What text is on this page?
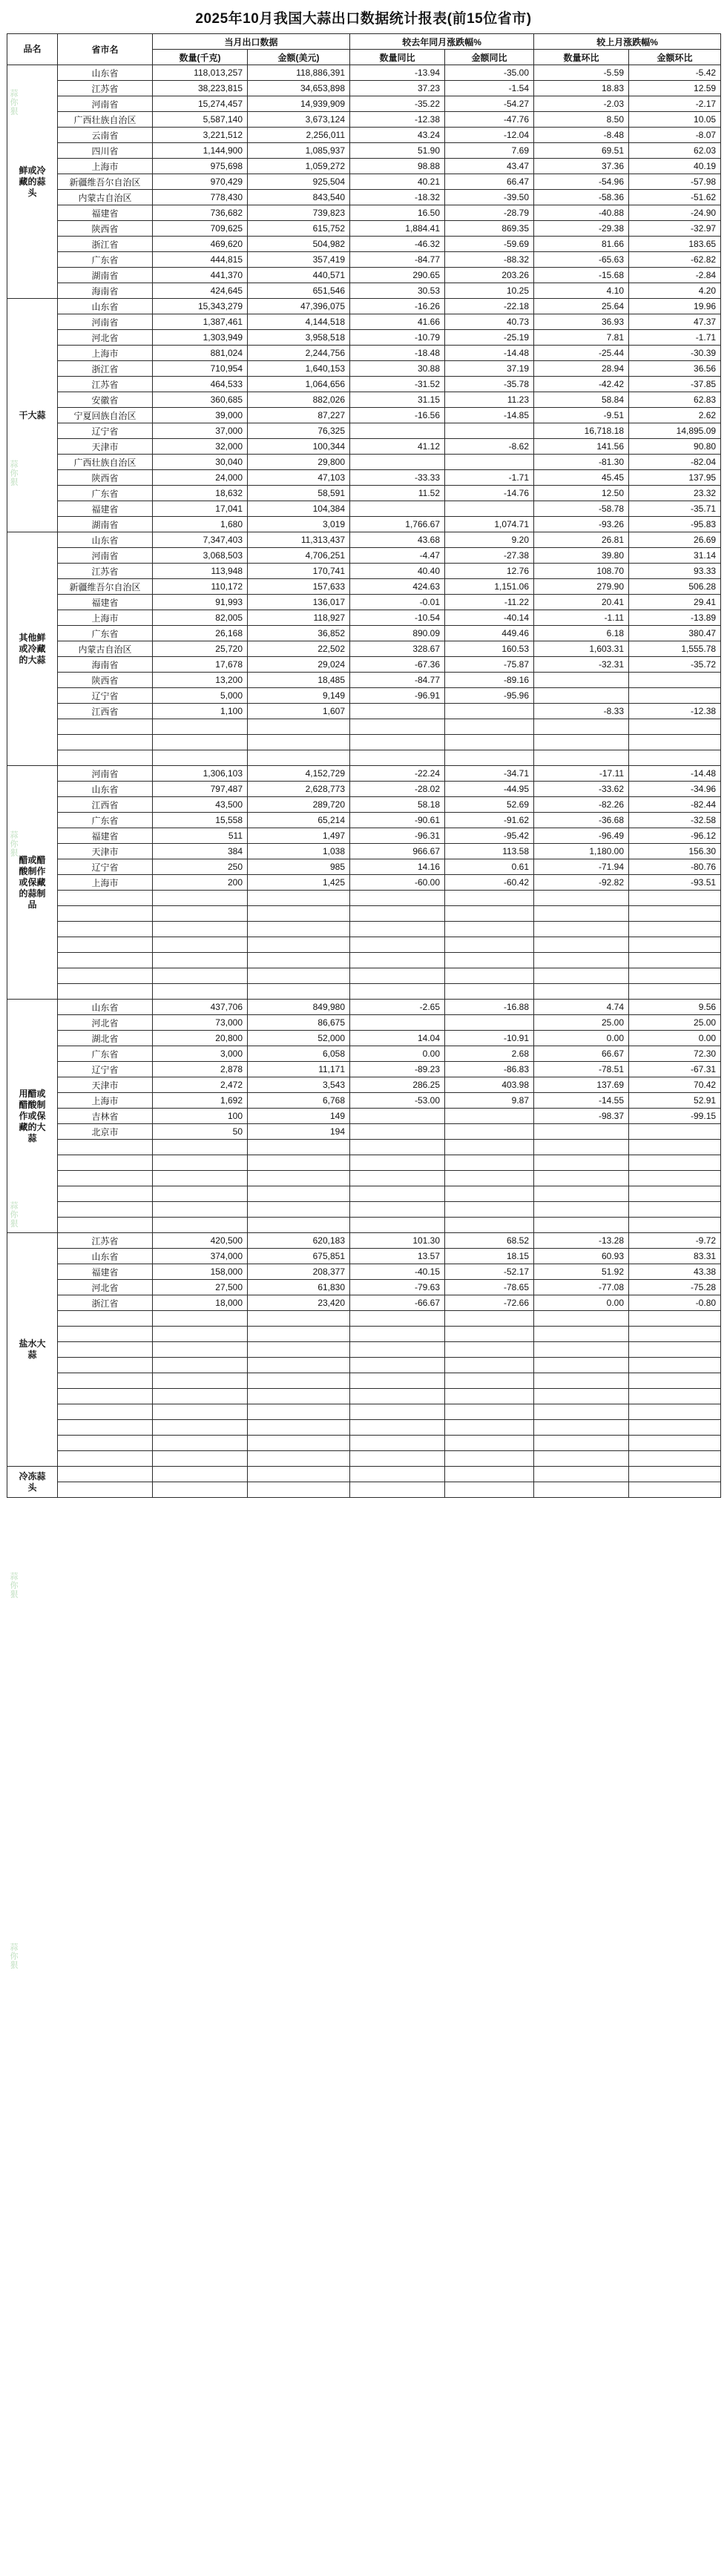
2025年10月我国大蒜出口数据统计报表(前15位省市)
品名	省市名	当月出口数据		较去年同月涨跌幅%		较上月涨跌幅%	
		数量(千克)	金额(美元)	数量同比	金额同比	数量环比	金额环比

鲜或冷
藏的蒜
头	山东省	118,013,257	118,886,391	-13.94	-35.00	-5.59	-5.42
	江苏省	38,223,815	34,653,898	37.23	-1.54	18.83	12.59
	河南省	15,274,457	14,939,909	-35.22	-54.27	-2.03	-2.17
	广西壮族自治区	5,587,140	3,673,124	-12.38	-47.76	8.50	10.05
	云南省	3,221,512	2,256,011	43.24	-12.04	-8.48	-8.07
	四川省	1,144,900	1,085,937	51.90	7.69	69.51	62.03
	上海市	975,698	1,059,272	98.88	43.47	37.36	40.19
	新疆维吾尔自治区	970,429	925,504	40.21	66.47	-54.96	-57.98
	内蒙古自治区	778,430	843,540	-18.32	-39.50	-58.36	-51.62
	福建省	736,682	739,823	16.50	-28.79	-40.88	-24.90
	陕西省	709,625	615,752	1,884.41	869.35	-29.38	-32.97
	浙江省	469,620	504,982	-46.32	-59.69	81.66	183.65
	广东省	444,815	357,419	-84.77	-88.32	-65.63	-62.82
	湖南省	441,370	440,571	290.65	203.26	-15.68	-2.84
	海南省	424,645	651,546	30.53	10.25	4.10	4.20

干大蒜	山东省	15,343,279	47,396,075	-16.26	-22.18	25.64	19.96
	河南省	1,387,461	4,144,518	41.66	40.73	36.93	47.37
	河北省	1,303,949	3,958,518	-10.79	-25.19	7.81	-1.71
	上海市	881,024	2,244,756	-18.48	-14.48	-25.44	-30.39
	浙江省	710,954	1,640,153	30.88	37.19	28.94	36.56
	江苏省	464,533	1,064,656	-31.52	-35.78	-42.42	-37.85
	安徽省	360,685	882,026	31.15	11.23	58.84	62.83
	宁夏回族自治区	39,000	87,227	-16.56	-14.85	-9.51	2.62
	辽宁省	37,000	76,325			16,718.18	14,895.09
	天津市	32,000	100,344	41.12	-8.62	141.56	90.80
	广西壮族自治区	30,040	29,800			-81.30	-82.04
	陕西省	24,000	47,103	-33.33	-1.71	45.45	137.95
	广东省	18,632	58,591	11.52	-14.76	12.50	23.32
	福建省	17,041	104,384			-58.78	-35.71
	湖南省	1,680	3,019	1,766.67	1,074.71	-93.26	-95.83

其他鲜
或冷藏
的大蒜	山东省	7,347,403	11,313,437	43.68	9.20	26.81	26.69
	河南省	3,068,503	4,706,251	-4.47	-27.38	39.80	31.14
	江苏省	113,948	170,741	40.40	12.76	108.70	93.33
	新疆维吾尔自治区	110,172	157,633	424.63	1,151.06	279.90	506.28
	福建省	91,993	136,017	-0.01	-11.22	20.41	29.41
	上海市	82,005	118,927	-10.54	-40.14	-1.11	-13.89
	广东省	26,168	36,852	890.09	449.46	6.18	380.47
	内蒙古自治区	25,720	22,502	328.67	160.53	1,603.31	1,555.78
	海南省	17,678	29,024	-67.36	-75.87	-32.31	-35.72
	陕西省	13,200	18,485	-84.77	-89.16		
	辽宁省	5,000	9,149	-96.91	-95.96		
	江西省	1,100	1,607			-8.33	-12.38

醋或醋
酸制作
或保藏
的蒜制
品	河南省	1,306,103	4,152,729	-22.24	-34.71	-17.11	-14.48
	山东省	797,487	2,628,773	-28.02	-44.95	-33.62	-34.96
	江西省	43,500	289,720	58.18	52.69	-82.26	-82.44
	广东省	15,558	65,214	-90.61	-91.62	-36.68	-32.58
	福建省	511	1,497	-96.31	-95.42	-96.49	-96.12
	天津市	384	1,038	966.67	113.58	1,180.00	156.30
	辽宁省	250	985	14.16	0.61	-71.94	-80.76
	上海市	200	1,425	-60.00	-60.42	-92.82	-93.51

用醋或
醋酸制
作或保
藏的大
蒜	山东省	437,706	849,980	-2.65	-16.88	4.74	9.56
	河北省	73,000	86,675			25.00	25.00
	湖北省	20,800	52,000	14.04	-10.91	0.00	0.00
	广东省	3,000	6,058	0.00	2.68	66.67	72.30
	辽宁省	2,878	11,171	-89.23	-86.83	-78.51	-67.31
	天津市	2,472	3,543	286.25	403.98	137.69	70.42
	上海市	1,692	6,768	-53.00	9.87	-14.55	52.91
	吉林省	100	149			-98.37	-99.15
	北京市	50	194				

盐水大
蒜	江苏省	420,500	620,183	101.30	68.52	-13.28	-9.72
	山东省	374,000	675,851	13.57	18.15	60.93	83.31
	福建省	158,000	208,377	-40.15	-52.17	51.92	43.38
	河北省	27,500	61,830	-79.63	-78.65	-77.08	-75.28
	浙江省	18,000	23,420	-66.67	-72.66	0.00	-0.80

冷冻蒜
头							

蒜你狠
蒜你狠
蒜你狠
蒜你狠
蒜你狠
蒜你狠
